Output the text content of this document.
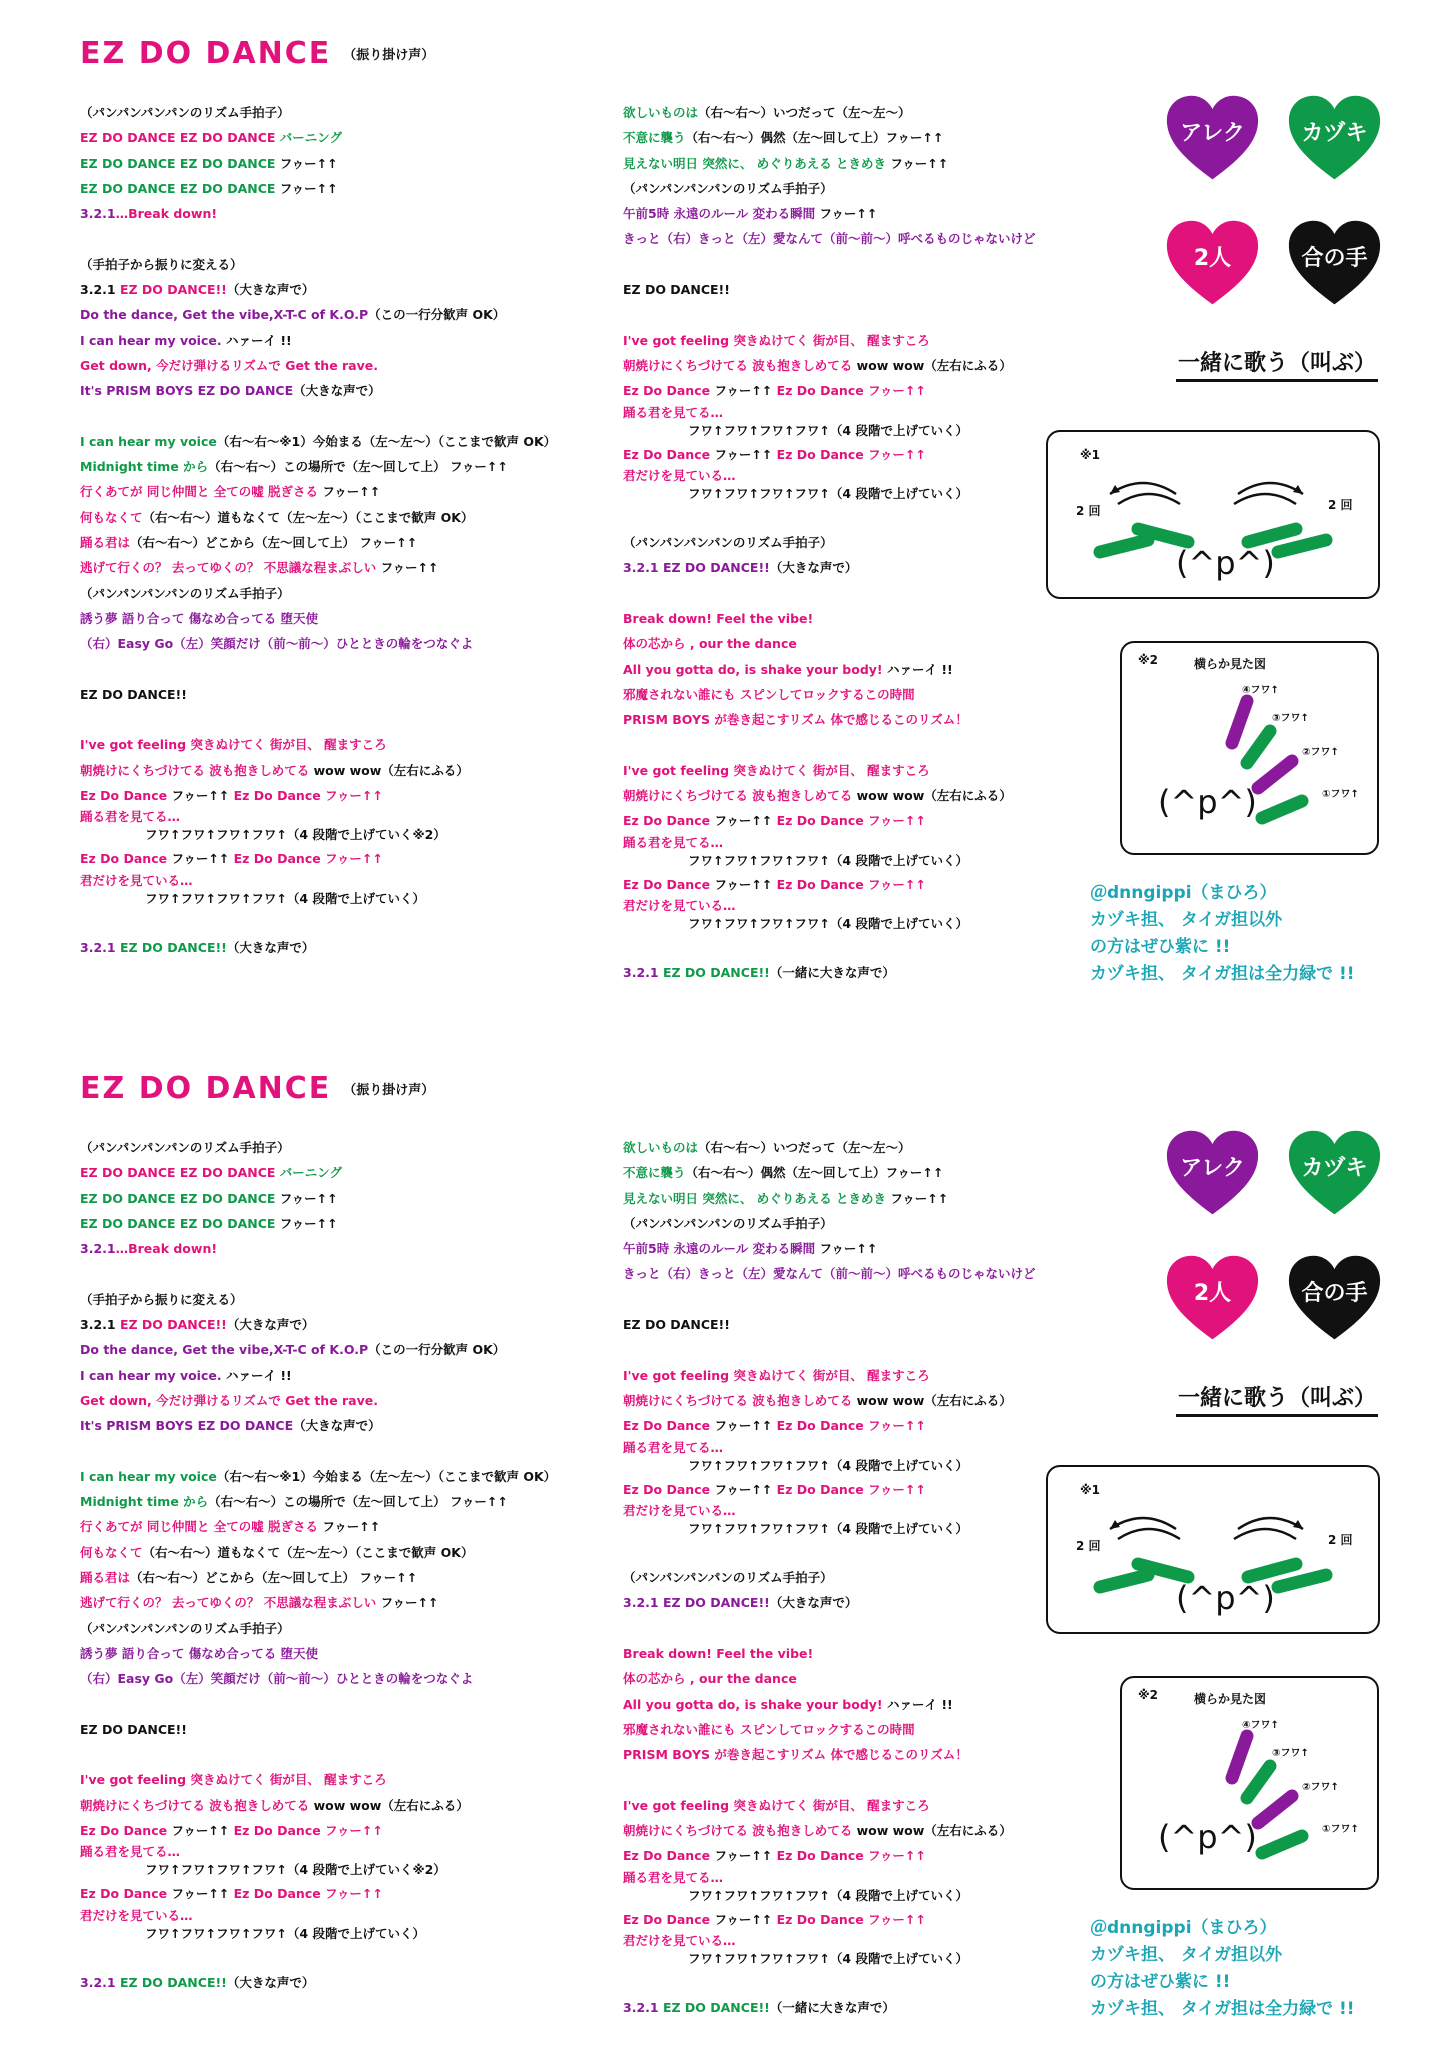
EZ DO DANCE $^{(振り掛け声)}$
（パンパンパンパンのリズム手拍子）
EZ DO DANCE EZ DO DANCE バーニング
EZ DO DANCE EZ DO DANCE フゥー↑↑
EZ DO DANCE EZ DO DANCE フゥー↑↑
3.2.1…Break down!
（手拍子から振りに変える）
3.2.1 EZ DO DANCE!!（大きな声で）
Do the dance, Get the vibe,X-T-C of K.O.P（この一行分歓声 OK）
I can hear my voice. ハァーイ !!
Get down, 今だけ弾けるリズムで Get the rave.
It's PRISM BOYS EZ DO DANCE（大きな声で）
I can hear my voice（右～右～※1）今始まる（左～左～）（ここまで歓声 OK）
Midnight time から（右～右～）この場所で（左～回して上） フゥー↑↑
行くあてが 同じ仲間と 全ての嘘 脱ぎさる フゥー↑↑
何もなくて（右～右～）道もなくて（左～左～）（ここまで歓声 OK）
踊る君は（右～右～）どこから（左～回して上） フゥー↑↑
逃げて行くの？ 去ってゆくの？ 不思議な程まぶしい フゥー↑↑
（パンパンパンパンのリズム手拍子）
誘う夢 語り合って 傷なめ合ってる 堕天使
（右）Easy Go（左）笑顔だけ（前～前～）ひとときの輪をつなぐよ
EZ DO DANCE!!
I've got feeling 突きぬけてく 街が目、 醒ますころ
朝焼けにくちづけてる 波も抱きしめてる wow wow（左右にふる）
Ez Do Dance フゥー↑↑ Ez Do Dance フゥー↑↑
踊る君を見てる…
フワ↑フワ↑フワ↑フワ↑（4 段階で上げていく※2）
Ez Do Dance フゥー↑↑ Ez Do Dance フゥー↑↑
君だけを見ている…
フワ↑フワ↑フワ↑フワ↑（4 段階で上げていく）
3.2.1 EZ DO DANCE!!（大きな声で）
欲しいものは（右～右～）いつだって（左～左～）
不意に襲う（右～右～）偶然（左～回して上）フゥー↑↑
見えない明日 突然に、 めぐりあえる ときめき フゥー↑↑
（パンパンパンパンのリズム手拍子）
午前5時 永遠のルール 変わる瞬間 フゥー↑↑
きっと（右）きっと（左）愛なんて（前～前～）呼べるものじゃないけど
EZ DO DANCE!!
I've got feeling 突きぬけてく 街が目、 醒ますころ
朝焼けにくちづけてる 波も抱きしめてる wow wow（左右にふる）
Ez Do Dance フゥー↑↑ Ez Do Dance フゥー↑↑
踊る君を見てる…
フワ↑フワ↑フワ↑フワ↑（4 段階で上げていく）
Ez Do Dance フゥー↑↑ Ez Do Dance フゥー↑↑
君だけを見ている…
フワ↑フワ↑フワ↑フワ↑（4 段階で上げていく）
（パンパンパンパンのリズム手拍子）
3.2.1 EZ DO DANCE!!（大きな声で）
Break down! Feel the vibe!
体の芯から , our the dance
All you gotta do, is shake your body! ハァーイ !!
邪魔されない誰にも スピンしてロックするこの時間
PRISM BOYS が巻き起こすリズム 体で感じるこのリズム！
I've got feeling 突きぬけてく 街が目、 醒ますころ
朝焼けにくちづけてる 波も抱きしめてる wow wow（左右にふる）
Ez Do Dance フゥー↑↑ Ez Do Dance フゥー↑↑
踊る君を見てる…
フワ↑フワ↑フワ↑フワ↑（4 段階で上げていく）
Ez Do Dance フゥー↑↑ Ez Do Dance フゥー↑↑
君だけを見ている…
フワ↑フワ↑フワ↑フワ↑（4 段階で上げていく）
3.2.1 EZ DO DANCE!!（一緒に大きな声で）
アレク	カヅキ
2人	合の手
一緒に歌う（叫ぶ）
※1
2 回	2 回
(^p^)
※2	横らか見た図
④フワ↑
③フワ↑
②フワ↑
①フワ↑
(^p^)
＠dnngippi（まひろ）
カヅキ担、 タイガ担以外
の方はぜひ紫に !!
カヅキ担、 タイガ担は全力緑で !!
EZ DO DANCE $^{(振り掛け声)}$
（パンパンパンパンのリズム手拍子）
EZ DO DANCE EZ DO DANCE バーニング
EZ DO DANCE EZ DO DANCE フゥー↑↑
EZ DO DANCE EZ DO DANCE フゥー↑↑
3.2.1…Break down!
（手拍子から振りに変える）
3.2.1 EZ DO DANCE!!（大きな声で）
Do the dance, Get the vibe,X-T-C of K.O.P（この一行分歓声 OK）
I can hear my voice. ハァーイ !!
Get down, 今だけ弾けるリズムで Get the rave.
It's PRISM BOYS EZ DO DANCE（大きな声で）
I can hear my voice（右～右～※1）今始まる（左～左～）（ここまで歓声 OK）
Midnight time から（右～右～）この場所で（左～回して上） フゥー↑↑
行くあてが 同じ仲間と 全ての嘘 脱ぎさる フゥー↑↑
何もなくて（右～右～）道もなくて（左～左～）（ここまで歓声 OK）
踊る君は（右～右～）どこから（左～回して上） フゥー↑↑
逃げて行くの？ 去ってゆくの？ 不思議な程まぶしい フゥー↑↑
（パンパンパンパンのリズム手拍子）
誘う夢 語り合って 傷なめ合ってる 堕天使
（右）Easy Go（左）笑顔だけ（前～前～）ひとときの輪をつなぐよ
EZ DO DANCE!!
I've got feeling 突きぬけてく 街が目、 醒ますころ
朝焼けにくちづけてる 波も抱きしめてる wow wow（左右にふる）
Ez Do Dance フゥー↑↑ Ez Do Dance フゥー↑↑
踊る君を見てる…
フワ↑フワ↑フワ↑フワ↑（4 段階で上げていく※2）
Ez Do Dance フゥー↑↑ Ez Do Dance フゥー↑↑
君だけを見ている…
フワ↑フワ↑フワ↑フワ↑（4 段階で上げていく）
3.2.1 EZ DO DANCE!!（大きな声で）
欲しいものは（右～右～）いつだって（左～左～）
不意に襲う（右～右～）偶然（左～回して上）フゥー↑↑
見えない明日 突然に、 めぐりあえる ときめき フゥー↑↑
（パンパンパンパンのリズム手拍子）
午前5時 永遠のルール 変わる瞬間 フゥー↑↑
きっと（右）きっと（左）愛なんて（前～前～）呼べるものじゃないけど
EZ DO DANCE!!
I've got feeling 突きぬけてく 街が目、 醒ますころ
朝焼けにくちづけてる 波も抱きしめてる wow wow（左右にふる）
Ez Do Dance フゥー↑↑ Ez Do Dance フゥー↑↑
踊る君を見てる…
フワ↑フワ↑フワ↑フワ↑（4 段階で上げていく）
Ez Do Dance フゥー↑↑ Ez Do Dance フゥー↑↑
君だけを見ている…
フワ↑フワ↑フワ↑フワ↑（4 段階で上げていく）
（パンパンパンパンのリズム手拍子）
3.2.1 EZ DO DANCE!!（大きな声で）
Break down! Feel the vibe!
体の芯から , our the dance
All you gotta do, is shake your body! ハァーイ !!
邪魔されない誰にも スピンしてロックするこの時間
PRISM BOYS が巻き起こすリズム 体で感じるこのリズム！
I've got feeling 突きぬけてく 街が目、 醒ますころ
朝焼けにくちづけてる 波も抱きしめてる wow wow（左右にふる）
Ez Do Dance フゥー↑↑ Ez Do Dance フゥー↑↑
踊る君を見てる…
フワ↑フワ↑フワ↑フワ↑（4 段階で上げていく）
Ez Do Dance フゥー↑↑ Ez Do Dance フゥー↑↑
君だけを見ている…
フワ↑フワ↑フワ↑フワ↑（4 段階で上げていく）
3.2.1 EZ DO DANCE!!（一緒に大きな声で）
アレク	カヅキ
2人	合の手
一緒に歌う（叫ぶ）
※1
2 回	2 回
(^p^)
※2	横らか見た図
④フワ↑
③フワ↑
②フワ↑
①フワ↑
(^p^)
＠dnngippi（まひろ）
カヅキ担、 タイガ担以外
の方はぜひ紫に !!
カヅキ担、 タイガ担は全力緑で !!
